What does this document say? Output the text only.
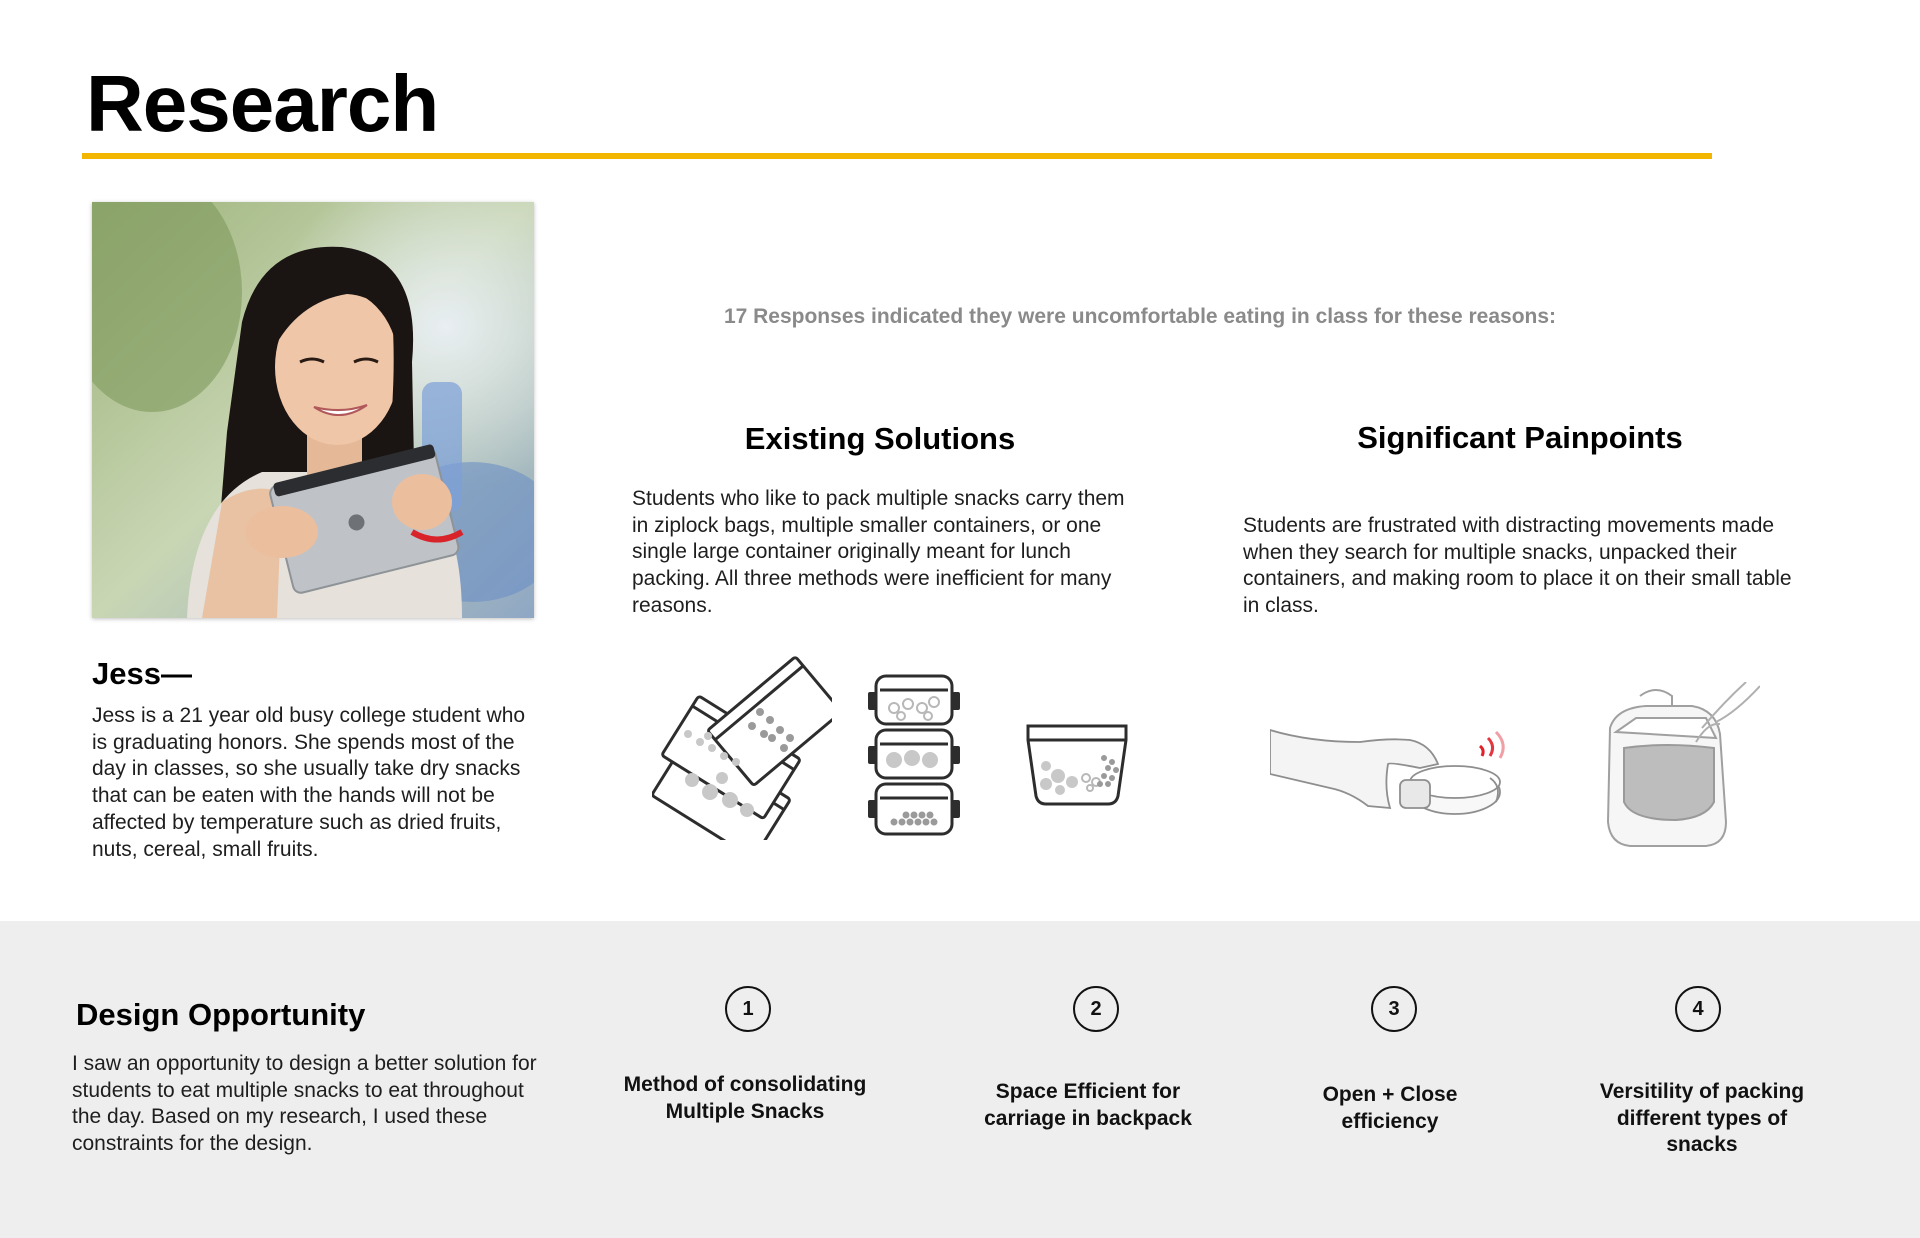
Research
Jess—

Jess is a 21 year old busy college student who is graduating honors. She spends most of the day in classes, so she usually take dry snacks that can be eaten with the hands will not be affected by temperature such as dried fruits, nuts, cereal, small fruits.

17 Responses indicated they were uncomfortable eating in class for these reasons:

Existing Solutions

Students who like to pack multiple snacks carry them in ziplock bags, multiple smaller containers, or one single large container originally meant for lunch packing. All three methods were inefficient for many reasons.

Significant Painpoints

Students are frustrated with distracting movements made when they search for multiple snacks, unpacked their containers, and making room to place it on their small table in class.

Design Opportunity

I saw an opportunity to design a better solution for students to eat multiple snacks to eat throughout the day. Based on my research, I used these constraints for the design.

1

Method of consolidating Multiple Snacks

2

Space Efficient for carriage in backpack

3

Open + Close efficiency

4

Versitility of packing different types of snacks
